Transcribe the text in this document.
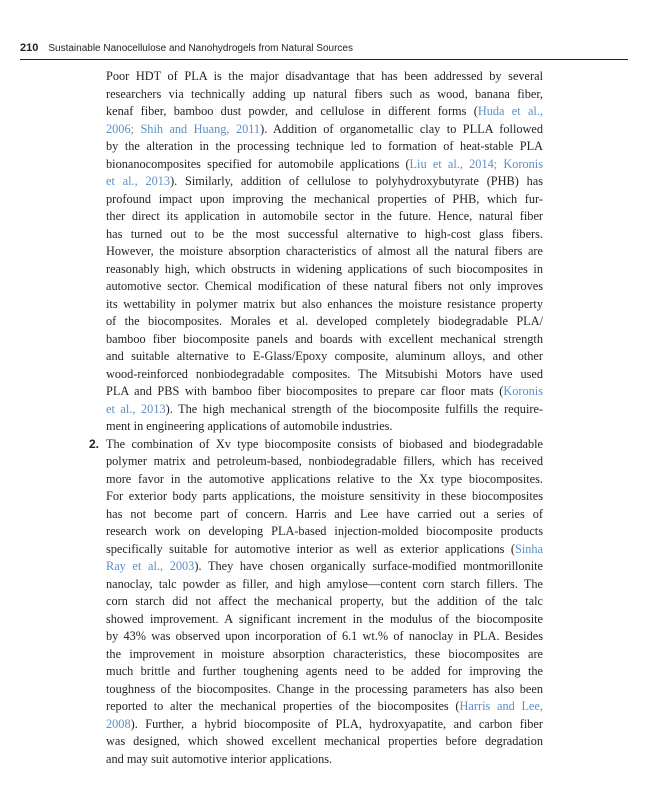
210 Sustainable Nanocellulose and Nanohydrogels from Natural Sources
Poor HDT of PLA is the major disadvantage that has been addressed by several
researchers via technically adding up natural fibers such as wood, banana fiber,
kenaf fiber, bamboo dust powder, and cellulose in different forms (Huda et al.,
2006; Shih and Huang, 2011). Addition of organometallic clay to PLLA followed
by the alteration in the processing technique led to formation of heat-stable PLA
bionanocomposites specified for automobile applications (Liu et al., 2014; Koronis
et al., 2013). Similarly, addition of cellulose to polyhydroxybutyrate (PHB) has
profound impact upon improving the mechanical properties of PHB, which fur-
ther direct its application in automobile sector in the future. Hence, natural fiber
has turned out to be the most successful alternative to high-cost glass fibers.
However, the moisture absorption characteristics of almost all the natural fibers are
reasonably high, which obstructs in widening applications of such biocomposites in
automotive sector. Chemical modification of these natural fibers not only improves
its wettability in polymer matrix but also enhances the moisture resistance property
of the biocomposites. Morales et al. developed completely biodegradable PLA/
bamboo fiber biocomposite panels and boards with excellent mechanical strength
and suitable alternative to E-Glass/Epoxy composite, aluminum alloys, and other
wood-reinforced nonbiodegradable composites. The Mitsubishi Motors have used
PLA and PBS with bamboo fiber biocomposites to prepare car floor mats (Koronis
et al., 2013). The high mechanical strength of the biocomposite fulfills the require-
ment in engineering applications of automobile industries.
2. The combination of Xv type biocomposite consists of biobased and biodegradable
polymer matrix and petroleum-based, nonbiodegradable fillers, which has received
more favor in the automotive applications relative to the Xx type biocomposites.
For exterior body parts applications, the moisture sensitivity in these biocomposites
has not become part of concern. Harris and Lee have carried out a series of
research work on developing PLA-based injection-molded biocomposite products
specifically suitable for automotive interior as well as exterior applications (Sinha
Ray et al., 2003). They have chosen organically surface-modified montmorillonite
nanoclay, talc powder as filler, and high amylose—content corn starch fillers. The
corn starch did not affect the mechanical property, but the addition of the talc
showed improvement. A significant increment in the modulus of the biocomposite
by 43% was observed upon incorporation of 6.1 wt.% of nanoclay in PLA. Besides
the improvement in moisture absorption characteristics, these biocomposites are
much brittle and further toughening agents need to be added for improving the
toughness of the biocomposites. Change in the processing parameters has also been
reported to alter the mechanical properties of the biocomposites (Harris and Lee,
2008). Further, a hybrid biocomposite of PLA, hydroxyapatite, and carbon fiber
was designed, which showed excellent mechanical properties before degradation
and may suit automotive interior applications.
